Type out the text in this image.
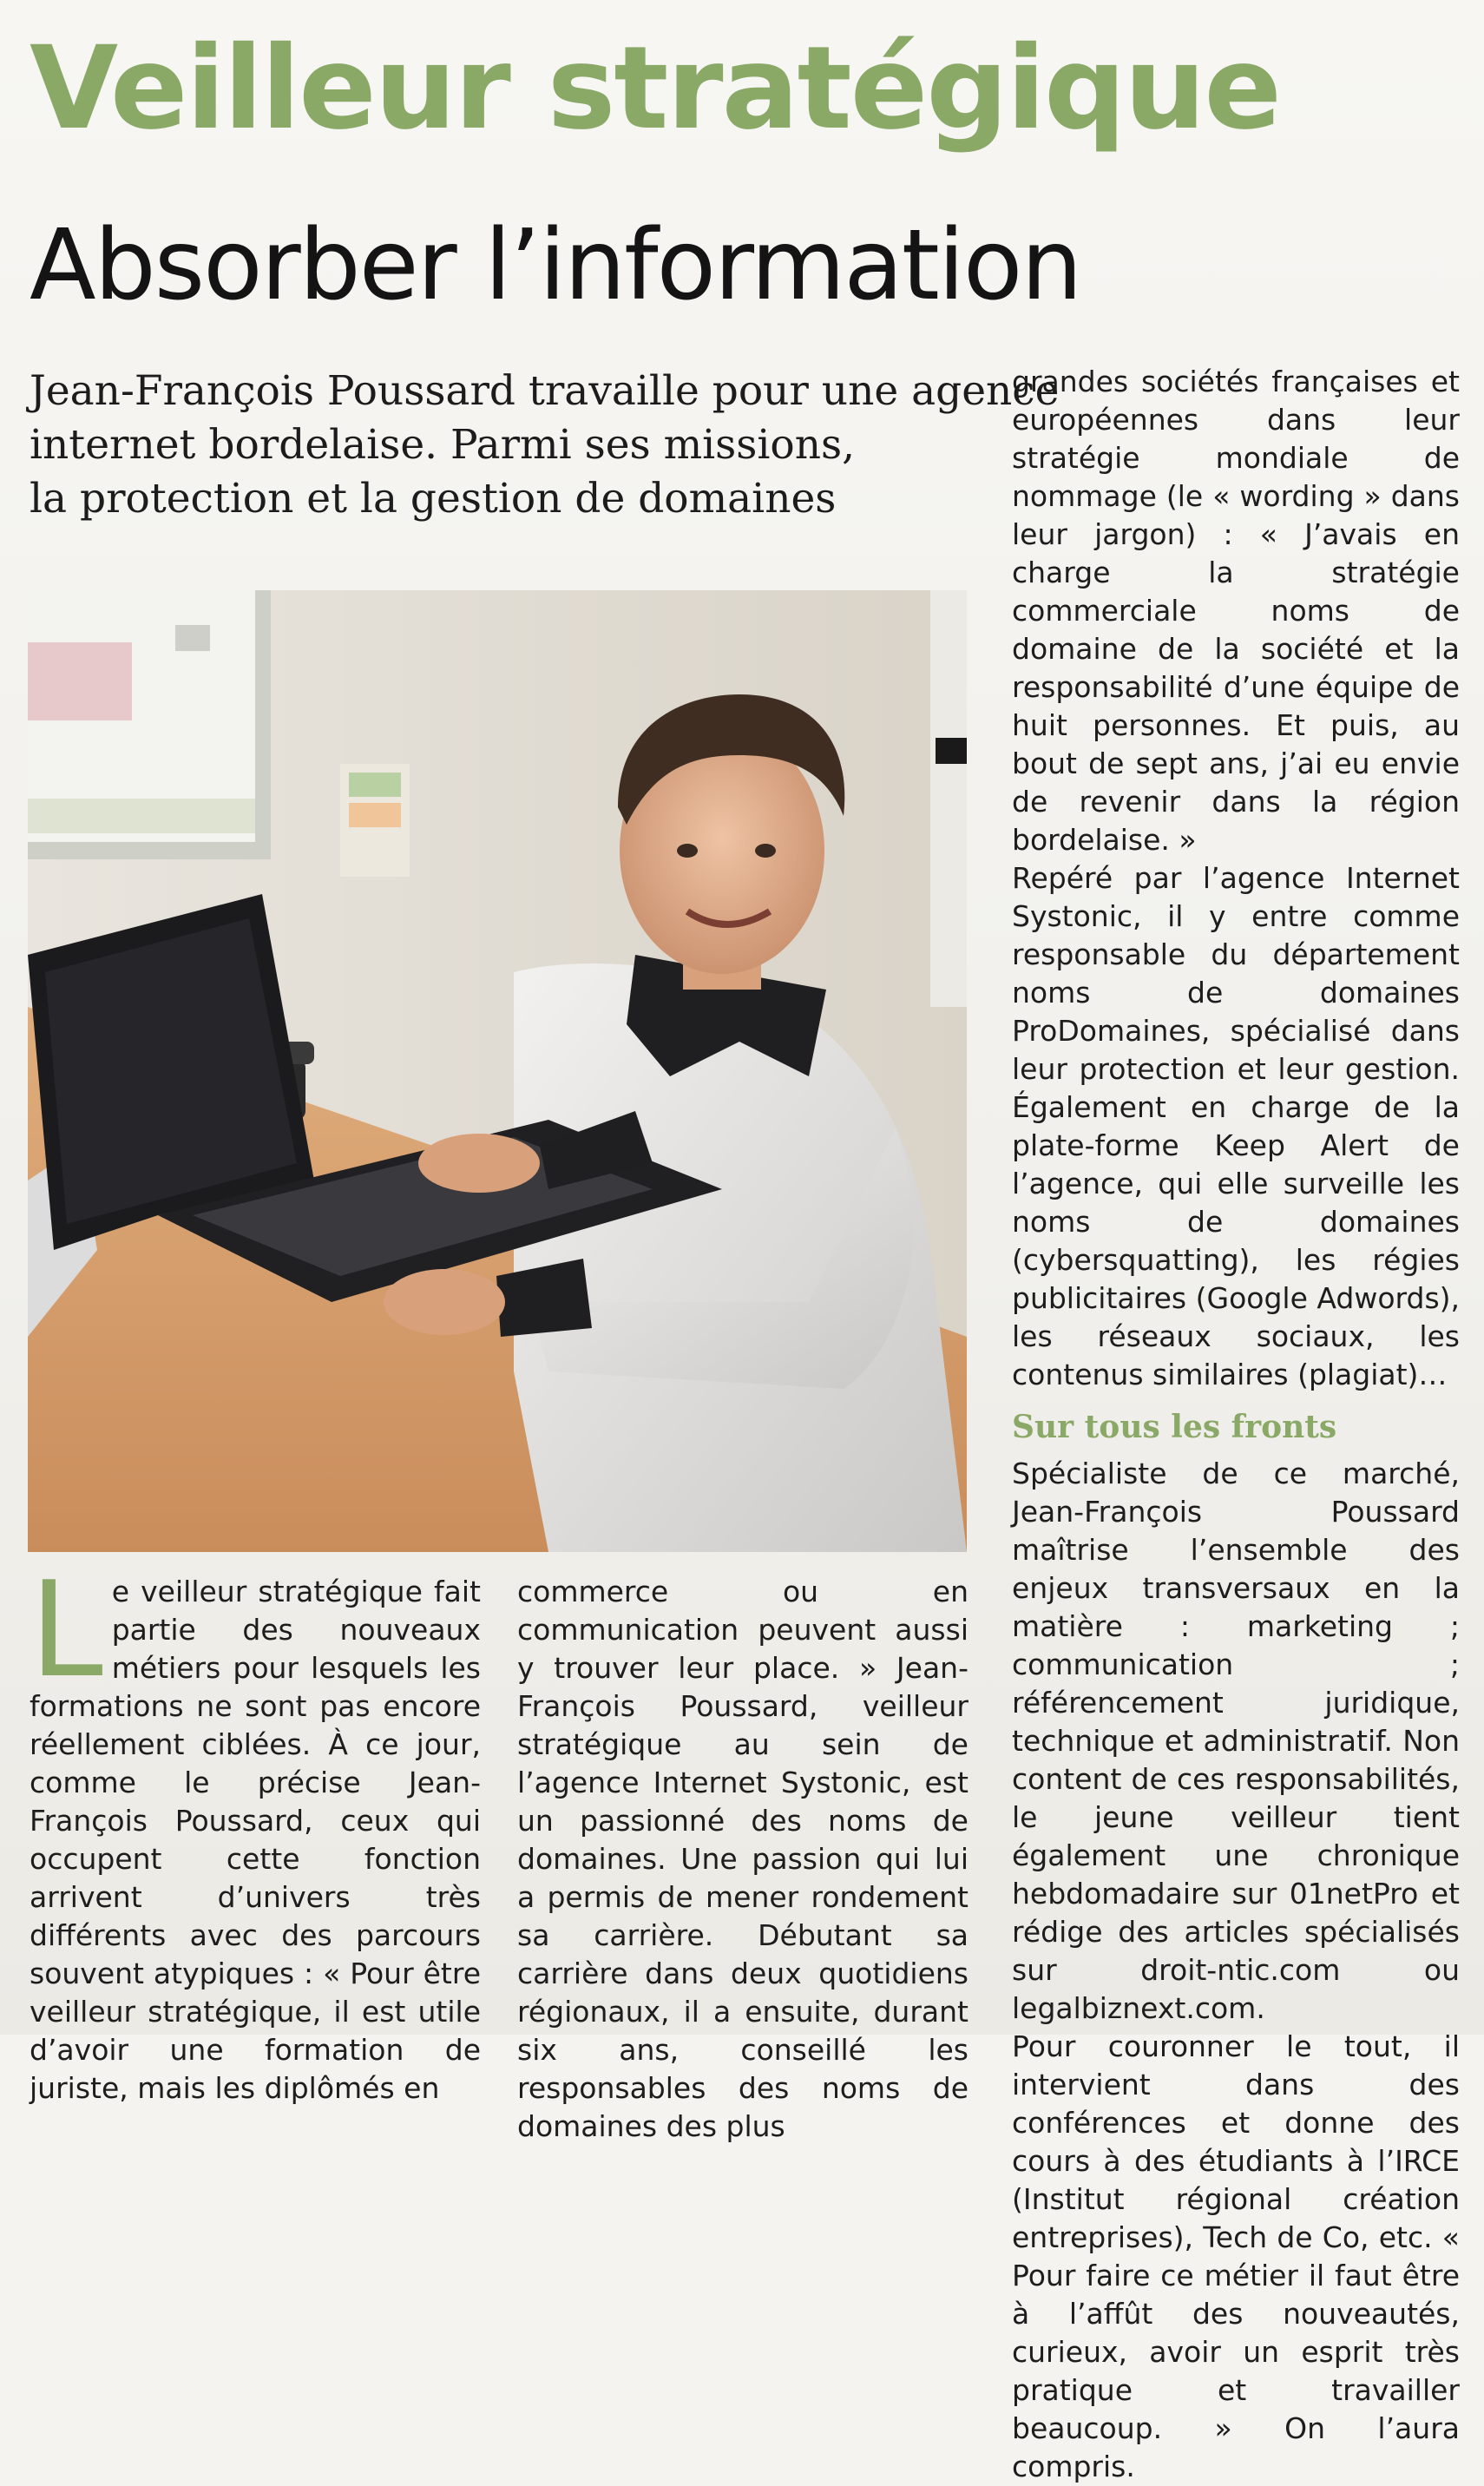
Veilleur stratégique
Absorber l’information
Jean-François Poussard travaille pour une agence
internet bordelaise. Parmi ses missions,
la protection et la gestion de domaines

Le veilleur stratégique fait partie des nouveaux métiers pour lesquels les formations ne sont pas encore réellement ciblées. À ce jour, comme le précise Jean-François Poussard, ceux qui occupent cette fonction arrivent d’univers très différents avec des parcours souvent atypiques : « Pour être veilleur stratégique, il est utile d’avoir une formation de juriste, mais les diplômés en

commerce ou en communication peuvent aussi y trouver leur place. » Jean-François Poussard, veilleur stratégique au sein de l’agence Internet Systonic, est un passionné des noms de domaines. Une passion qui lui a permis de mener rondement sa carrière. Débutant sa carrière dans deux quotidiens régionaux, il a ensuite, durant six ans, conseillé les responsables des noms de domaines des plus

grandes sociétés françaises et européennes dans leur stratégie mondiale de nommage (le « wording » dans leur jargon) : « J’avais en charge la stratégie commerciale noms de domaine de la société et la responsabilité d’une équipe de huit personnes. Et puis, au bout de sept ans, j’ai eu envie de revenir dans la région bordelaise. »

Repéré par l’agence Internet Systonic, il y entre comme responsable du département noms de domaines ProDomaines, spécialisé dans leur protection et leur gestion. Également en charge de la plate-forme Keep Alert de l’agence, qui elle surveille les noms de domaines (cybersquatting), les régies publicitaires (Google Adwords), les réseaux sociaux, les contenus similaires (plagiat)…

Sur tous les fronts

Spécialiste de ce marché, Jean-François Poussard maîtrise l’ensemble des enjeux transversaux en la matière : marketing ; communication ; référencement juridique, technique et administratif. Non content de ces responsabilités, le jeune veilleur tient également une chronique hebdomadaire sur 01netPro et rédige des articles spécialisés sur droit-ntic.com ou legalbiznext.com.

Pour couronner le tout, il intervient dans des conférences et donne des cours à des étudiants à l’IRCE (Institut régional création entreprises), Tech de Co, etc. « Pour faire ce métier il faut être à l’affût des nouveautés, curieux, avoir un esprit très pratique et travailler beaucoup. » On l’aura compris.
